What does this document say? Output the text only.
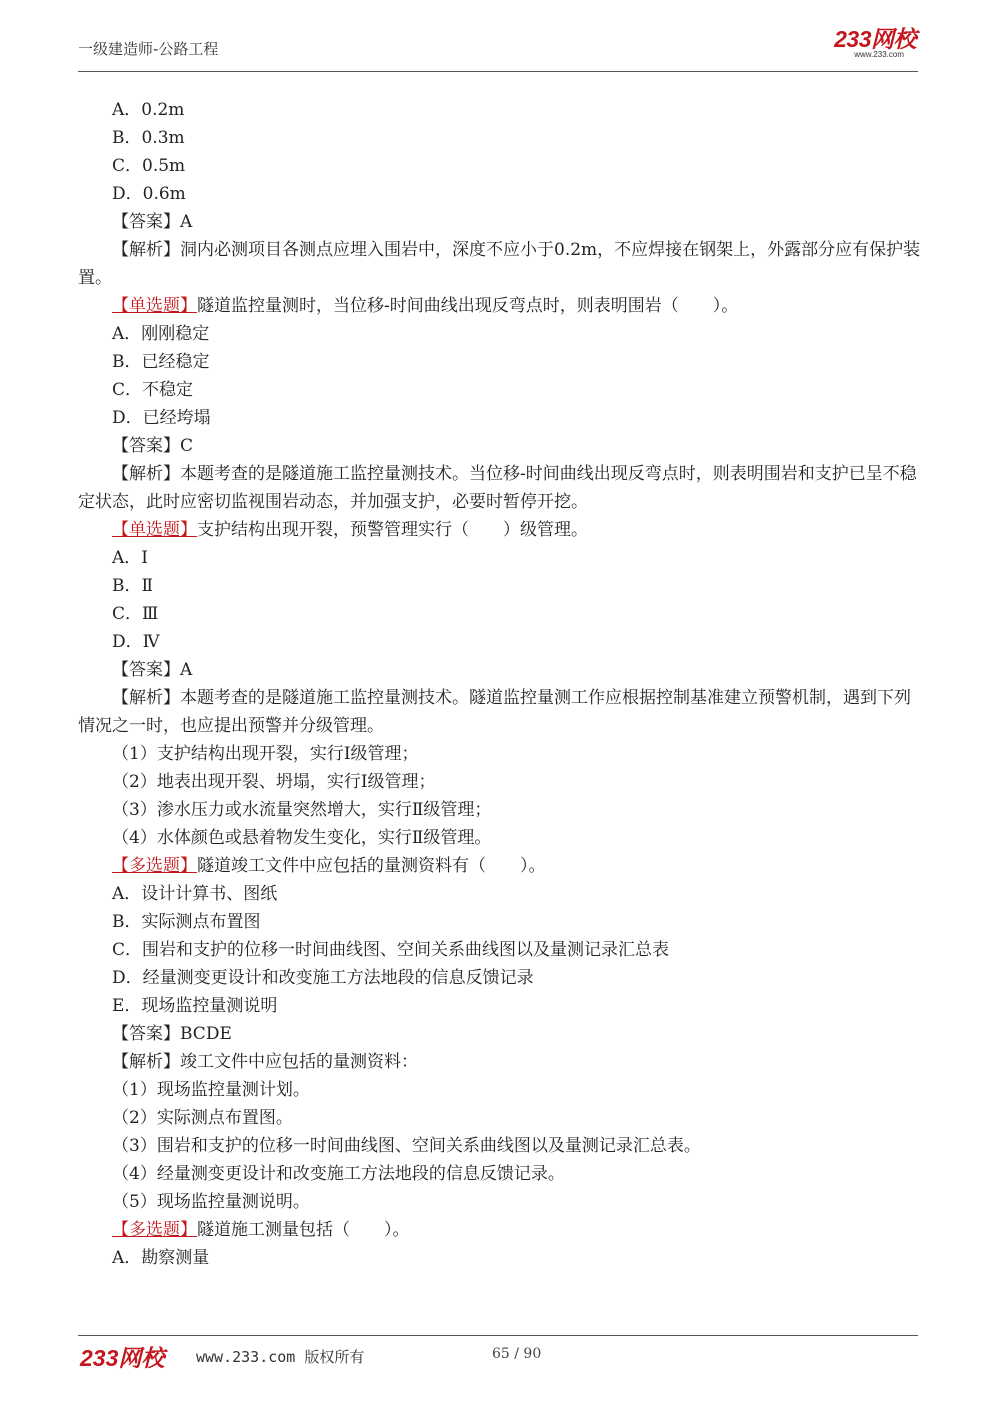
一级建造师-公路工程	233网校
www.233.com
A．0.2m
B．0.3m
C．0.5m
D．0.6m
【答案】A
【解析】洞内必测项目各测点应埋入围岩中，深度不应小于0.2m，不应焊接在钢架上，外露部分应有保护装置。
【单选题】隧道监控量测时，当位移-时间曲线出现反弯点时，则表明围岩（　　）。
A．刚刚稳定
B．已经稳定
C．不稳定
D．已经垮塌
【答案】C
【解析】本题考查的是隧道施工监控量测技术。当位移-时间曲线出现反弯点时，则表明围岩和支护已呈不稳定状态，此时应密切监视围岩动态，并加强支护，必要时暂停开挖。
【单选题】支护结构出现开裂，预警管理实行（　　）级管理。
A．Ⅰ
B．Ⅱ
C．Ⅲ
D．Ⅳ
【答案】A
【解析】本题考查的是隧道施工监控量测技术。隧道监控量测工作应根据控制基准建立预警机制，遇到下列情况之一时，也应提出预警并分级管理。
（1）支护结构出现开裂，实行Ⅰ级管理；
（2）地表出现开裂、坍塌，实行Ⅰ级管理；
（3）渗水压力或水流量突然增大，实行Ⅱ级管理；
（4）水体颜色或悬着物发生变化，实行Ⅱ级管理。
【多选题】隧道竣工文件中应包括的量测资料有（　　）。
A．设计计算书、图纸
B．实际测点布置图
C．围岩和支护的位移一时间曲线图、空间关系曲线图以及量测记录汇总表
D．经量测变更设计和改变施工方法地段的信息反馈记录
E．现场监控量测说明
【答案】BCDE
【解析】竣工文件中应包括的量测资料：
（1）现场监控量测计划。
（2）实际测点布置图。
（3）围岩和支护的位移一时间曲线图、空间关系曲线图以及量测记录汇总表。
（4）经量测变更设计和改变施工方法地段的信息反馈记录。
（5）现场监控量测说明。
【多选题】隧道施工测量包括（　　）。
A．勘察测量
233网校 www.233.com 版权所有	65 / 90
